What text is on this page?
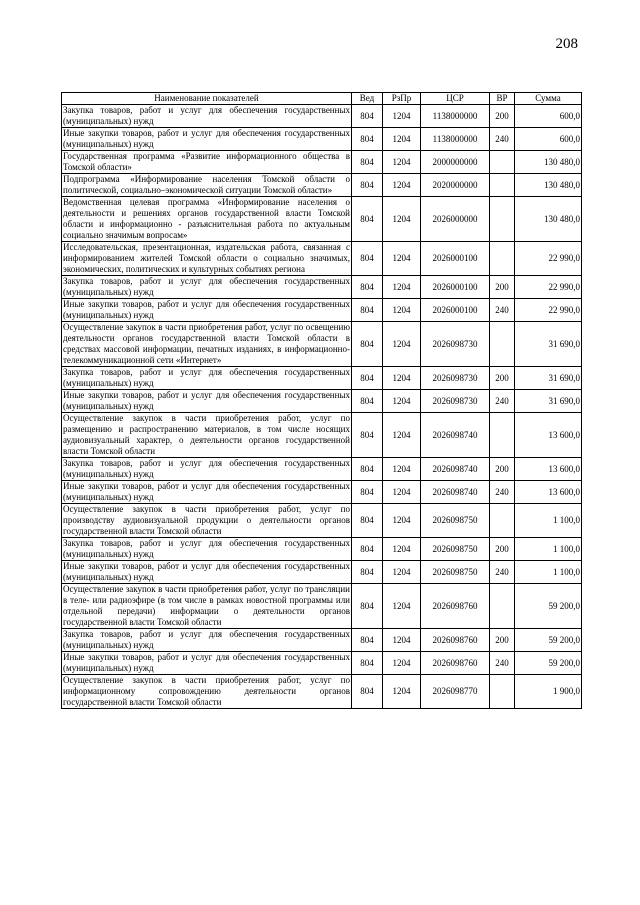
208
Наименование показателей	Вед	РзПр	ЦСР	ВР	Сумма
Закупка товаров, работ и услуг для обеспечения государственных (муниципальных) нужд	804	1204	1138000000	200	600,0
Иные закупки товаров, работ и услуг для обеспечения государственных (муниципальных) нужд	804	1204	1138000000	240	600,0
Государственная программа «Развитие информационного общества в Томской области»	804	1204	2000000000		130 480,0
Подпрограмма «Информирование населения Томской области о политической, социально–экономической ситуации Томской области»	804	1204	2020000000		130 480,0
Ведомственная целевая программа «Информирование населения о деятельности и решениях органов государственной власти Томской области и информационно - разъяснительная работа по актуальным социально значимым вопросам»	804	1204	2026000000		130 480,0
Исследовательская, презентационная, издательская работа, связанная с информированием жителей Томской области о социально значимых, экономических, политических и культурных событиях региона	804	1204	2026000100		22 990,0
Закупка товаров, работ и услуг для обеспечения государственных (муниципальных) нужд	804	1204	2026000100	200	22 990,0
Иные закупки товаров, работ и услуг для обеспечения государственных (муниципальных) нужд	804	1204	2026000100	240	22 990,0
Осуществление закупок в части приобретения работ, услуг по освещению деятельности органов государственной власти Томской области в средствах массовой информации, печатных изданиях, в информационно-телекоммуникационной сети «Интернет»	804	1204	2026098730		31 690,0
Закупка товаров, работ и услуг для обеспечения государственных (муниципальных) нужд	804	1204	2026098730	200	31 690,0
Иные закупки товаров, работ и услуг для обеспечения государственных (муниципальных) нужд	804	1204	2026098730	240	31 690,0
Осуществление закупок в части приобретения работ, услуг по размещению и распространению материалов, в том числе носящих аудиовизуальный характер, о деятельности органов государственной власти Томской области	804	1204	2026098740		13 600,0
Закупка товаров, работ и услуг для обеспечения государственных (муниципальных) нужд	804	1204	2026098740	200	13 600,0
Иные закупки товаров, работ и услуг для обеспечения государственных (муниципальных) нужд	804	1204	2026098740	240	13 600,0
Осуществление закупок в части приобретения работ, услуг по производству аудиовизуальной продукции о деятельности органов государственной власти Томской области	804	1204	2026098750		1 100,0
Закупка товаров, работ и услуг для обеспечения государственных (муниципальных) нужд	804	1204	2026098750	200	1 100,0
Иные закупки товаров, работ и услуг для обеспечения государственных (муниципальных) нужд	804	1204	2026098750	240	1 100,0
Осуществление закупок в части приобретения работ, услуг по трансляции в теле- или радиоэфире (в том числе в рамках новостной программы или отдельной передачи) информации о деятельности органов государственной власти Томской области	804	1204	2026098760		59 200,0
Закупка товаров, работ и услуг для обеспечения государственных (муниципальных) нужд	804	1204	2026098760	200	59 200,0
Иные закупки товаров, работ и услуг для обеспечения государственных (муниципальных) нужд	804	1204	2026098760	240	59 200,0
Осуществление закупок в части приобретения работ, услуг по информационному сопровождению деятельности органов государственной власти Томской области	804	1204	2026098770		1 900,0
